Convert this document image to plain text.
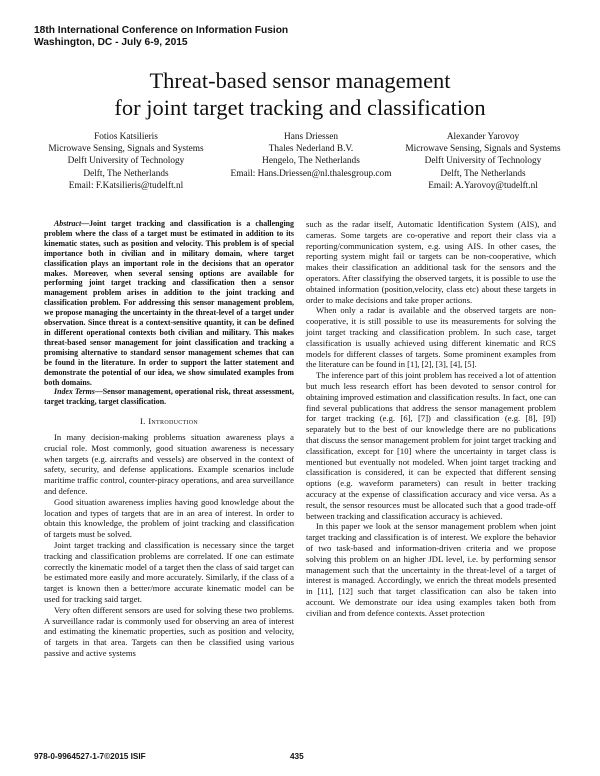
18th International Conference on Information Fusion
Washington, DC - July 6-9, 2015
Threat-based sensor management
for joint target tracking and classification
Fotios Katsilieris
Microwave Sensing, Signals and Systems
Delft University of Technology
Delft, The Netherlands
Email: F.Katsilieris@tudelft.nl
Hans Driessen
Thales Nederland B.V.
Hengelo, The Netherlands
Email: Hans.Driessen@nl.thalesgroup.com
Alexander Yarovoy
Microwave Sensing, Signals and Systems
Delft University of Technology
Delft, The Netherlands
Email: A.Yarovoy@tudelft.nl

Abstract—Joint target tracking and classification is a challenging problem where the class of a target must be estimated in addition to its kinematic states, such as position and velocity. This problem is of special importance both in civilian and in military domain, where target classification plays an important role in the decisions that an operator makes. Moreover, when several sensing options are available for performing joint target tracking and classification then a sensor management problem arises in addition to the joint tracking and classification problem. For addressing this sensor management problem, we propose managing the uncertainty in the threat-level of a target under observation. Since threat is a context-sensitive quantity, it can be defined in different operational contexts both civilian and military. This makes threat-based sensor management for joint classification and tracking a promising alternative to standard sensor management schemes that can be found in the literature. In order to support the latter statement and demonstrate the potential of our idea, we show simulated examples from both domains.

Index Terms—Sensor management, operational risk, threat assessment, target tracking, target classification.

I. Introduction

In many decision-making problems situation awareness plays a crucial role. Most commonly, good situation awareness is necessary when targets (e.g. aircrafts and vessels) are observed in the context of safety, security, and defense applications. Example scenarios include maritime traffic control, counter-piracy operations, and area surveillance and defence.

Good situation awareness implies having good knowledge about the location and types of targets that are in an area of interest. In order to obtain this knowledge, the problem of joint tracking and classification of targets must be solved.

Joint target tracking and classification is necessary since the target tracking and classification problems are correlated. If one can estimate correctly the kinematic model of a target then the class of said target can be estimated more easily and more accurately. Similarly, if the class of a target is known then a better/more accurate kinematic model can be used for tracking said target.

Very often different sensors are used for solving these two problems. A surveillance radar is commonly used for observing an area of interest and estimating the kinematic properties, such as position and velocity, of targets in that area. Targets can then be classified using various passive and active systems

such as the radar itself, Automatic Identification System (AIS), and cameras. Some targets are co-operative and report their class via a reporting/communication system, e.g. using AIS. In other cases, the reporting system might fail or targets can be non-cooperative, which makes their classification an additional task for the sensors and the operators. After classifying the observed targets, it is possible to use the obtained information (position,velocity, class etc) about these targets in order to make decisions and take proper actions.

When only a radar is available and the observed targets are non-cooperative, it is still possible to use its measurements for solving the joint target tracking and classification problem. In such case, target classification is usually achieved using different kinematic and RCS models for different classes of targets. Some prominent examples from the literature can be found in [1], [2], [3], [4], [5].

The inference part of this joint problem has received a lot of attention but much less research effort has been devoted to sensor control for obtaining improved estimation and classification results. In fact, one can find several publications that address the sensor management problem for target tracking (e.g. [6], [7]) and classification (e.g. [8], [9]) separately but to the best of our knowledge there are no publications that discuss the sensor management problem for joint target tracking and classification, except for [10] where the uncertainty in target class is mentioned but eventually not modeled. When joint target tracking and classification is considered, it can be expected that different sensing options (e.g. waveform parameters) can result in better tracking accuracy at the expense of classification accuracy and vice versa. As a result, the sensor resources must be allocated such that a good trade-off between tracking and classification accuracy is achieved.

In this paper we look at the sensor management problem when joint target tracking and classification is of interest. We explore the behavior of two task-based and information-driven criteria and we propose solving this problem on an higher JDL level, i.e. by performing sensor management such that the uncertainty in the threat-level of a target of interest is managed. Accordingly, we enrich the threat models presented in [11], [12] such that target classification can also be taken into account. We demonstrate our idea using examples taken both from civilian and from defence contexts. Asset protection

978-0-9964527-1-7©2015 ISIF	435
